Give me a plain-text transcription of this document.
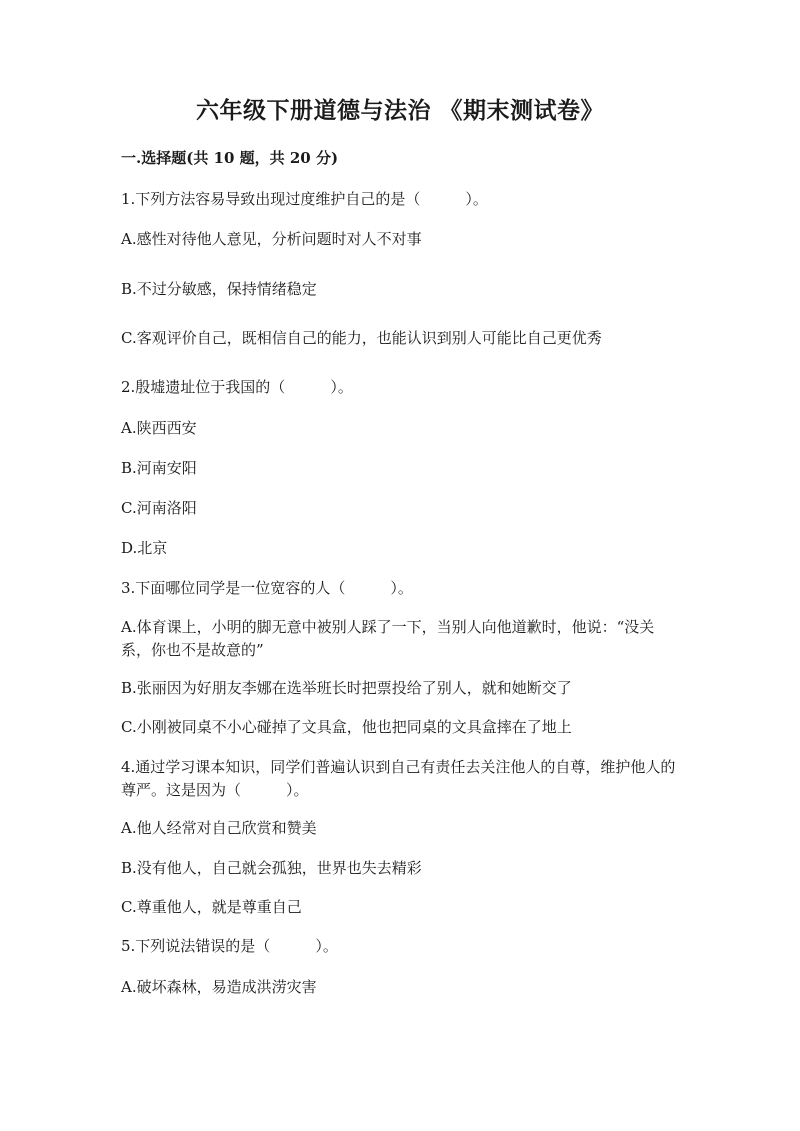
六年级下册道德与法治 《期末测试卷》
一.选择题(共 10 题，共 20 分)
1.下列方法容易导致出现过度维护自己的是（　　　）。
A.感性对待他人意见，分析问题时对人不对事
B.不过分敏感，保持情绪稳定
C.客观评价自己，既相信自己的能力，也能认识到别人可能比自己更优秀
2.殷墟遗址位于我国的（　　　）。
A.陕西西安
B.河南安阳
C.河南洛阳
D.北京
3.下面哪位同学是一位宽容的人（　　　）。
A.体育课上，小明的脚无意中被别人踩了一下，当别人向他道歉时，他说：“没关系，你也不是故意的”
B.张丽因为好朋友李娜在选举班长时把票投给了别人，就和她断交了
C.小刚被同桌不小心碰掉了文具盒，他也把同桌的文具盒摔在了地上
4.通过学习课本知识，同学们普遍认识到自己有责任去关注他人的自尊，维护他人的尊严。这是因为（　　　）。
A.他人经常对自己欣赏和赞美
B.没有他人，自己就会孤独，世界也失去精彩
C.尊重他人，就是尊重自己
5.下列说法错误的是（　　　）。
A.破坏森林，易造成洪涝灾害
